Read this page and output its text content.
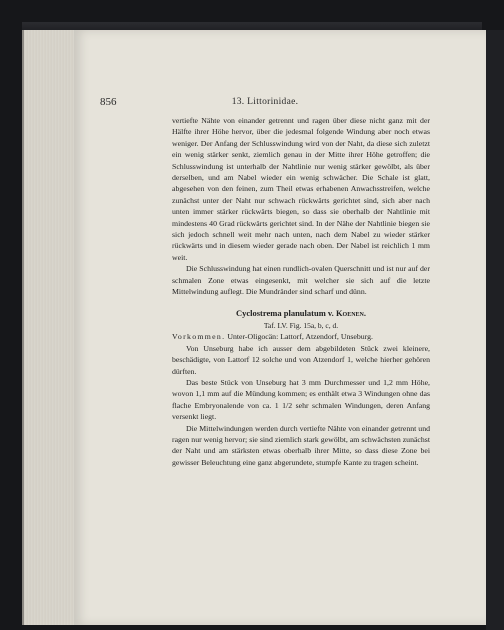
856	13. Littorinidae.

vertiefte Nähte von einander getrennt und ragen über diese nicht ganz mit der Hälfte ihrer Höhe hervor, über die jedesmal folgende Windung aber noch etwas weniger. Der Anfang der Schlusswindung wird von der Naht, da diese sich zuletzt ein wenig stärker senkt, ziemlich genau in der Mitte ihrer Höhe getroffen; die Schlusswindung ist unterhalb der Nahtlinie nur wenig stärker gewölbt, als über derselben, und am Nabel wieder ein wenig schwächer. Die Schale ist glatt, abgesehen von den feinen, zum Theil etwas erhabenen Anwachsstreifen, welche zunächst unter der Naht nur schwach rückwärts gerichtet sind, sich aber nach unten immer stärker rückwärts biegen, so dass sie oberhalb der Nahtlinie mit mindestens 40 Grad rückwärts gerichtet sind. In der Nähe der Nahtlinie biegen sie sich jedoch schnell weit mehr nach unten, nach dem Nabel zu wieder stärker rückwärts und in diesem wieder gerade nach oben. Der Nabel ist reichlich 1 mm weit.

Die Schlusswindung hat einen rundlich-ovalen Querschnitt und ist nur auf der schmalen Zone etwas eingesenkt, mit welcher sie sich auf die letzte Mittelwindung auflegt. Die Mundränder sind scharf und dünn.

Cyclostrema planulatum v. Koenen.
Taf. LV. Fig. 15a, b, c, d.

Vorkommen. Unter-Oligocän: Lattorf, Atzendorf, Unseburg.

Von Unseburg habe ich ausser dem abgebildeten Stück zwei kleinere, beschädigte, von Lattorf 12 solche und von Atzendorf 1, welche hierher gehören dürften.

Das beste Stück von Unseburg hat 3 mm Durchmesser und 1,2 mm Höhe, wovon 1,1 mm auf die Mündung kommen; es enthält etwa 3 Windungen ohne das flache Embryonalende von ca. 1 1/2 sehr schmalen Windungen, deren Anfang versenkt liegt.

Die Mittelwindungen werden durch vertiefte Nähte von einander getrennt und ragen nur wenig hervor; sie sind ziemlich stark gewölbt, am schwächsten zunächst der Naht und am stärksten etwas oberhalb ihrer Mitte, so dass diese Zone bei gewisser Beleuchtung eine ganz abgerundete, stumpfe Kante zu tragen scheint.
